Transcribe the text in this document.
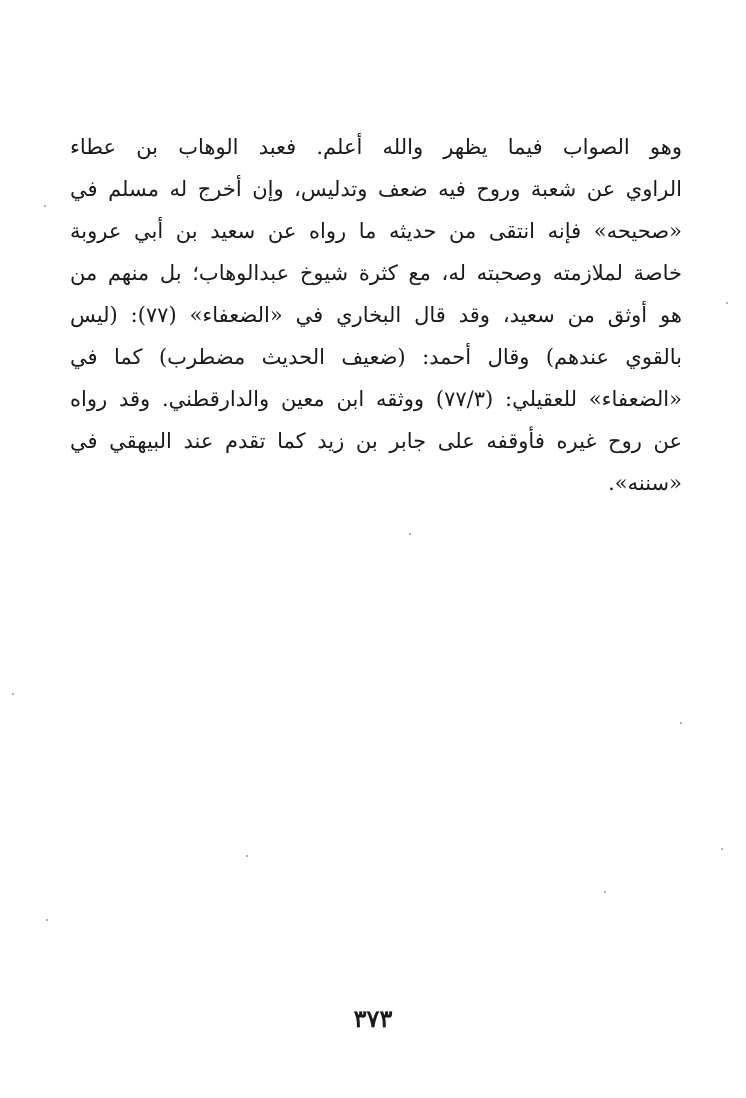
وهو الصواب فيما يظهر والله أعلم. فعبد الوهاب بن عطاء
الراوي عن شعبة وروح فيه ضعف وتدليس، وإن أخرج له مسلم في
«صحيحه» فإنه انتقى من حديثه ما رواه عن سعيد بن أبي عروبة
خاصة لملازمته وصحبته له، مع كثرة شيوخ عبدالوهاب؛ بل منهم من
هو أوثق من سعيد، وقد قال البخاري في «الضعفاء» (٧٧): (ليس
بالقوي عندهم) وقال أحمد: (ضعيف الحديث مضطرب) كما في
«الضعفاء» للعقيلي: (٧٧/٣) ووثقه ابن معين والدارقطني. وقد رواه
عن روح غيره فأوقفه على جابر بن زيد كما تقدم عند البيهقي في
«سننه».
٣٧٣
